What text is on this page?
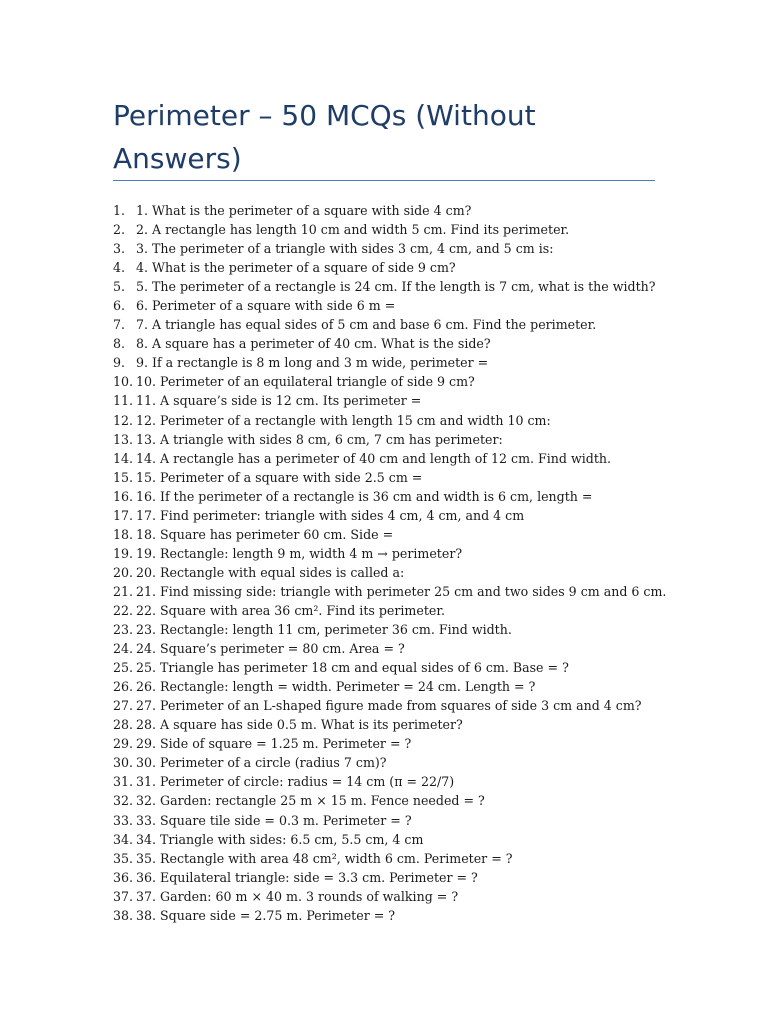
Perimeter – 50 MCQs (Without Answers)
1. 1. What is the perimeter of a square with side 4 cm?
2. 2. A rectangle has length 10 cm and width 5 cm. Find its perimeter.
3. 3. The perimeter of a triangle with sides 3 cm, 4 cm, and 5 cm is:
4. 4. What is the perimeter of a square of side 9 cm?
5. 5. The perimeter of a rectangle is 24 cm. If the length is 7 cm, what is the width?
6. 6. Perimeter of a square with side 6 m =
7. 7. A triangle has equal sides of 5 cm and base 6 cm. Find the perimeter.
8. 8. A square has a perimeter of 40 cm. What is the side?
9. 9. If a rectangle is 8 m long and 3 m wide, perimeter =
10. 10. Perimeter of an equilateral triangle of side 9 cm?
11. 11. A square’s side is 12 cm. Its perimeter =
12. 12. Perimeter of a rectangle with length 15 cm and width 10 cm:
13. 13. A triangle with sides 8 cm, 6 cm, 7 cm has perimeter:
14. 14. A rectangle has a perimeter of 40 cm and length of 12 cm. Find width.
15. 15. Perimeter of a square with side 2.5 cm =
16. 16. If the perimeter of a rectangle is 36 cm and width is 6 cm, length =
17. 17. Find perimeter: triangle with sides 4 cm, 4 cm, and 4 cm
18. 18. Square has perimeter 60 cm. Side =
19. 19. Rectangle: length 9 m, width 4 m → perimeter?
20. 20. Rectangle with equal sides is called a:
21. 21. Find missing side: triangle with perimeter 25 cm and two sides 9 cm and 6 cm.
22. 22. Square with area 36 cm². Find its perimeter.
23. 23. Rectangle: length 11 cm, perimeter 36 cm. Find width.
24. 24. Square’s perimeter = 80 cm. Area = ?
25. 25. Triangle has perimeter 18 cm and equal sides of 6 cm. Base = ?
26. 26. Rectangle: length = width. Perimeter = 24 cm. Length = ?
27. 27. Perimeter of an L-shaped figure made from squares of side 3 cm and 4 cm?
28. 28. A square has side 0.5 m. What is its perimeter?
29. 29. Side of square = 1.25 m. Perimeter = ?
30. 30. Perimeter of a circle (radius 7 cm)?
31. 31. Perimeter of circle: radius = 14 cm (π = 22/7)
32. 32. Garden: rectangle 25 m × 15 m. Fence needed = ?
33. 33. Square tile side = 0.3 m. Perimeter = ?
34. 34. Triangle with sides: 6.5 cm, 5.5 cm, 4 cm
35. 35. Rectangle with area 48 cm², width 6 cm. Perimeter = ?
36. 36. Equilateral triangle: side = 3.3 cm. Perimeter = ?
37. 37. Garden: 60 m × 40 m. 3 rounds of walking = ?
38. 38. Square side = 2.75 m. Perimeter = ?
